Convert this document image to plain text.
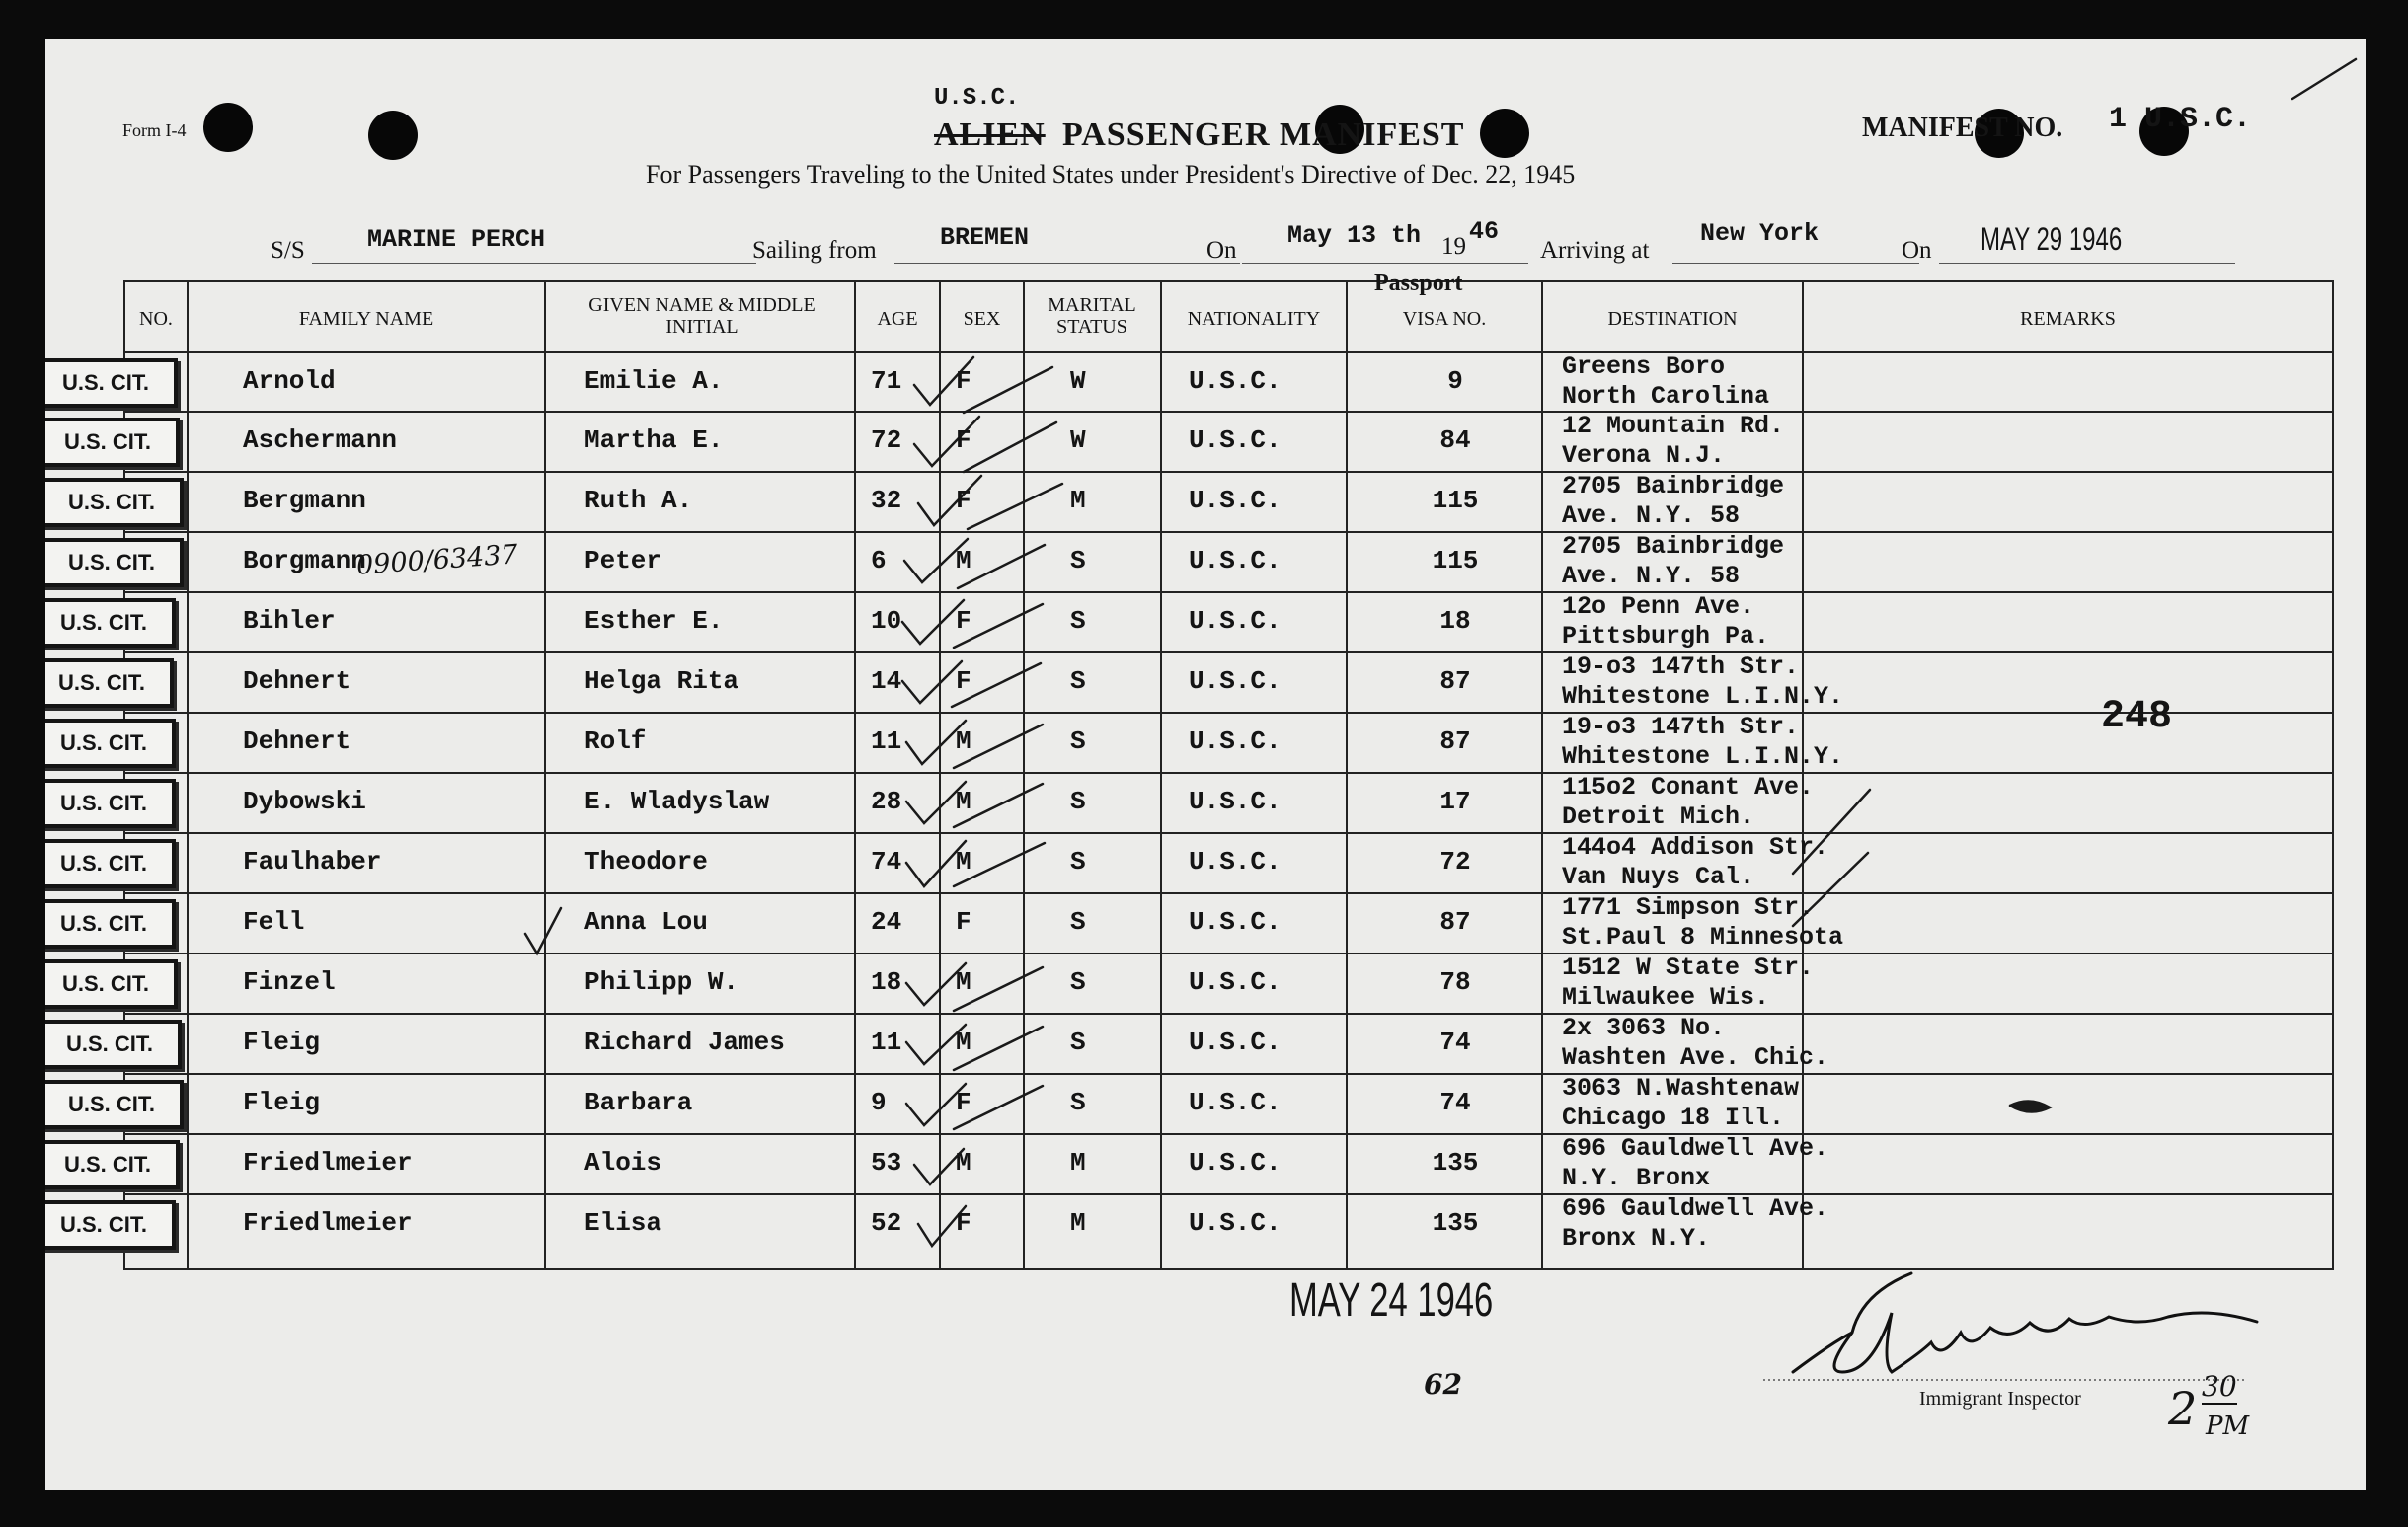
Form I-4
U.S.C.
ALIEN PASSENGER MANIFEST	MANIFEST NO. 1 U.S.C.
For Passengers Traveling to the United States under President's Directive of Dec. 22, 1945
S/S	MARINE PERCH	Sailing from	BREMEN	On
May 13 th 19
46
Arriving at
New York
On MAY 29 1946
NO.	FAMILY NAME
GIVEN NAME & MIDDLE INITIAL	AGE	SEX
MARITAL STATUS	NATIONALITY
Passport
VISA NO.	DESTINATION	REMARKS
U.S. CIT.	Arnold	Emilie A.	71 F	W	U.S.C.	9	Greens Boro
North Carolina
U.S. CIT.	Aschermann	Martha E.	72 F	W	U.S.C.	84	12 Mountain Rd.
Verona N.J.
U.S. CIT.	Bergmann	Ruth A.	32 F	M	U.S.C.	115	2705 Bainbridge
Ave. N.Y. 58
U.S. CIT.	Borgmann	Peter	6	M	S	U.S.C.	115	2705 Bainbridge
Ave. N.Y. 58
U.S. CIT.	Bihler	Esther E.	10 F	S	U.S.C.	18	12o Penn Ave.
Pittsburgh Pa.
U.S. CIT.	Dehnert	Helga Rita	14 F	S	U.S.C.	87	19-o3 147th Str.
Whitestone L.I.N.Y.
U.S. CIT.	Dehnert	Rolf	11 M	S	U.S.C.	87	19-o3 147th Str.
Whitestone L.I.N.Y.
U.S. CIT.	Dybowski	E. Wladyslaw	28 M	S	U.S.C.	17	115o2 Conant Ave.
Detroit Mich.
U.S. CIT.	Faulhaber	Theodore	74 M	S	U.S.C.	72	144o4 Addison Str.
Van Nuys Cal.
U.S. CIT.	Fell	Anna Lou	24 F	S	U.S.C.	87	1771 Simpson Str.
St.Paul 8 Minnesota
U.S. CIT.	Finzel	Philipp W.	18 M	S	U.S.C.	78	1512 W State Str.
Milwaukee Wis.
U.S. CIT.	Fleig	Richard James	11 M	S	U.S.C.	74	2x 3063 No.
Washten Ave. Chic.
U.S. CIT.	Fleig	Barbara	9	F	S	U.S.C.	74	3063 N.Washtenaw
Chicago 18 Ill.
U.S. CIT.	Friedlmeier	Alois	53 M	M	U.S.C.	135	696 Gauldwell Ave.
N.Y. Bronx
U.S. CIT.	Friedlmeier	Elisa	52 F	M	U.S.C.	135	696 Gauldwell Ave.
Bronx N.Y.
0900/63437
248
MAY 24 1946
Immigrant Inspector 2 30
PM
62
